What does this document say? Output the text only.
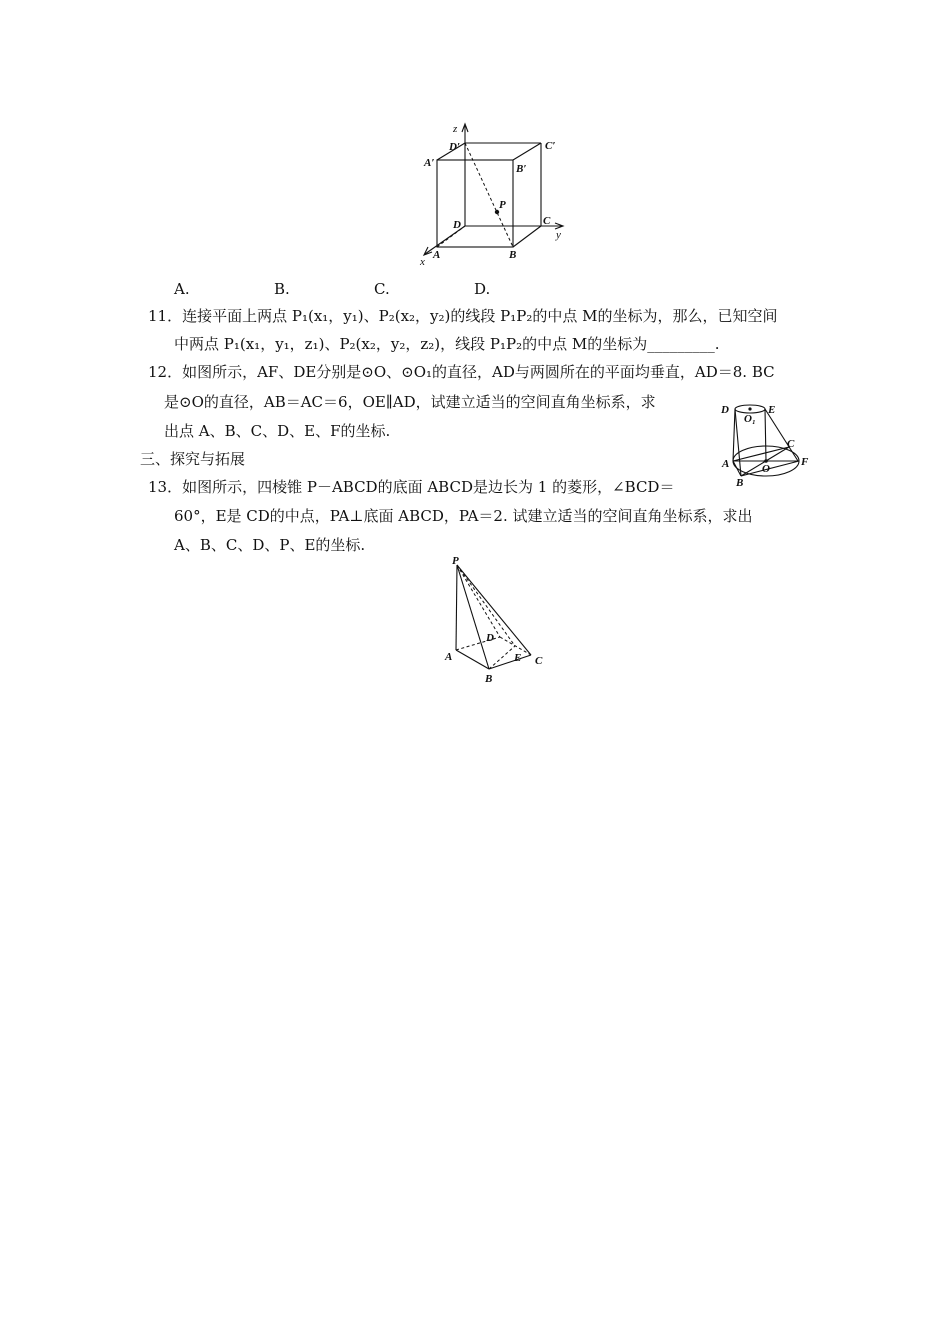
z
D′	C′
A′	B′
P
D	C
y
A	B
x
A.	B.	C.	D.
11．连接平面上两点 P₁(x₁，y₁)、P₂(x₂，y₂)的线段 P₁P₂的中点 M的坐标为，那么，已知空间
中两点 P₁(x₁，y₁，z₁)、P₂(x₂，y₂，z₂)，线段 P₁P₂的中点 M的坐标为_________.
12．如图所示，AF、DE分别是⊙O、⊙O₁的直径，AD与两圆所在的平面均垂直，AD＝8. BC
是⊙O的直径，AB＝AC＝6，OE∥AD，试建立适当的空间直角坐标系，求
出点 A、B、C、D、E、F的坐标.
D	E
O₁
C
A	O
F
B
三、探究与拓展
13．如图所示，四棱锥 P－ABCD的底面 ABCD是边长为 1 的菱形，∠BCD＝
60°，E是 CD的中点，PA⊥底面 ABCD，PA＝2. 试建立适当的空间直角坐标系，求出
A、B、C、D、P、E的坐标.
P
D
A	E C
B
